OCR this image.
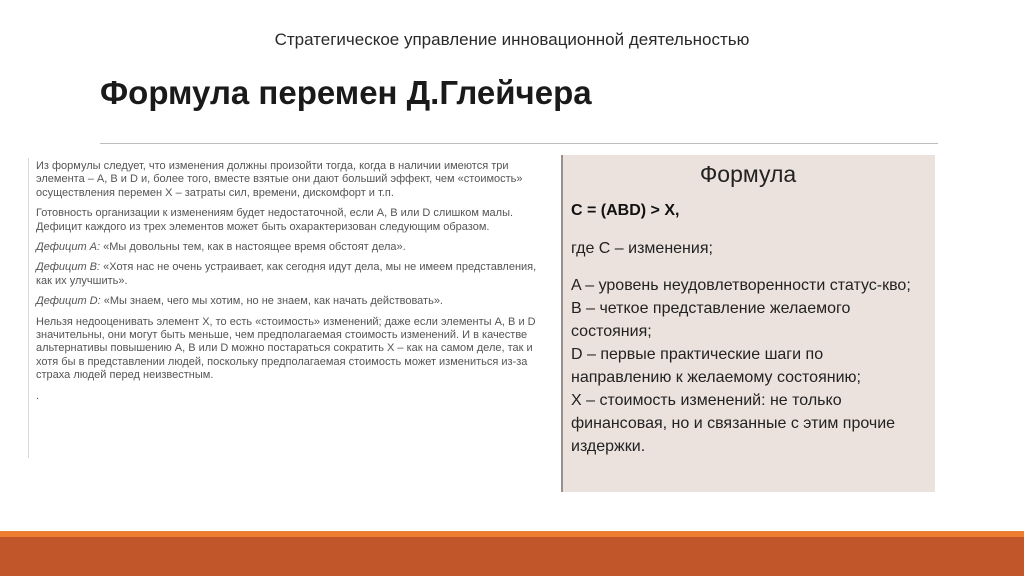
Стратегическое управление инновационной деятельностью
Формула перемен Д.Глейчера

Из формулы следует, что изменения должны произойти тогда, когда в наличии имеются три элемента – A, B и D и, более того, вместе взятые они дают больший эффект, чем «стоимость» осуществления перемен X – затраты сил, времени, дискомфорт и т.п.

Готовность организации к изменениям будет недостаточной, если A, B или D слишком малы. Дефицит каждого из трех элементов может быть охарактеризован следующим образом.

Дефицит A: «Мы довольны тем, как в настоящее время обстоят дела».

Дефицит B: «Хотя нас не очень устраивает, как сегодня идут дела, мы не имеем представления, как их улучшить».

Дефицит D: «Мы знаем, чего мы хотим, но не знаем, как начать действовать».

Нельзя недооценивать элемент X, то есть «стоимость» изменений; даже если элементы A, B и D значительны, они могут быть меньше, чем предполагаемая стоимость изменений. И в качестве альтернативы повышению A, B или D можно постараться сократить X – как на самом деле, так и хотя бы в представлении людей, поскольку предполагаемая стоимость может измениться из-за страха людей перед неизвестным.

.
Формула
C = (ABD) > X,
где C – изменения;
A – уровень неудовлетворенности статус-кво;
B – четкое представление желаемого состояния;
D – первые практические шаги по направлению к желаемому состоянию;
X – стоимость изменений: не только финансовая, но и связанные с этим прочие издержки.
